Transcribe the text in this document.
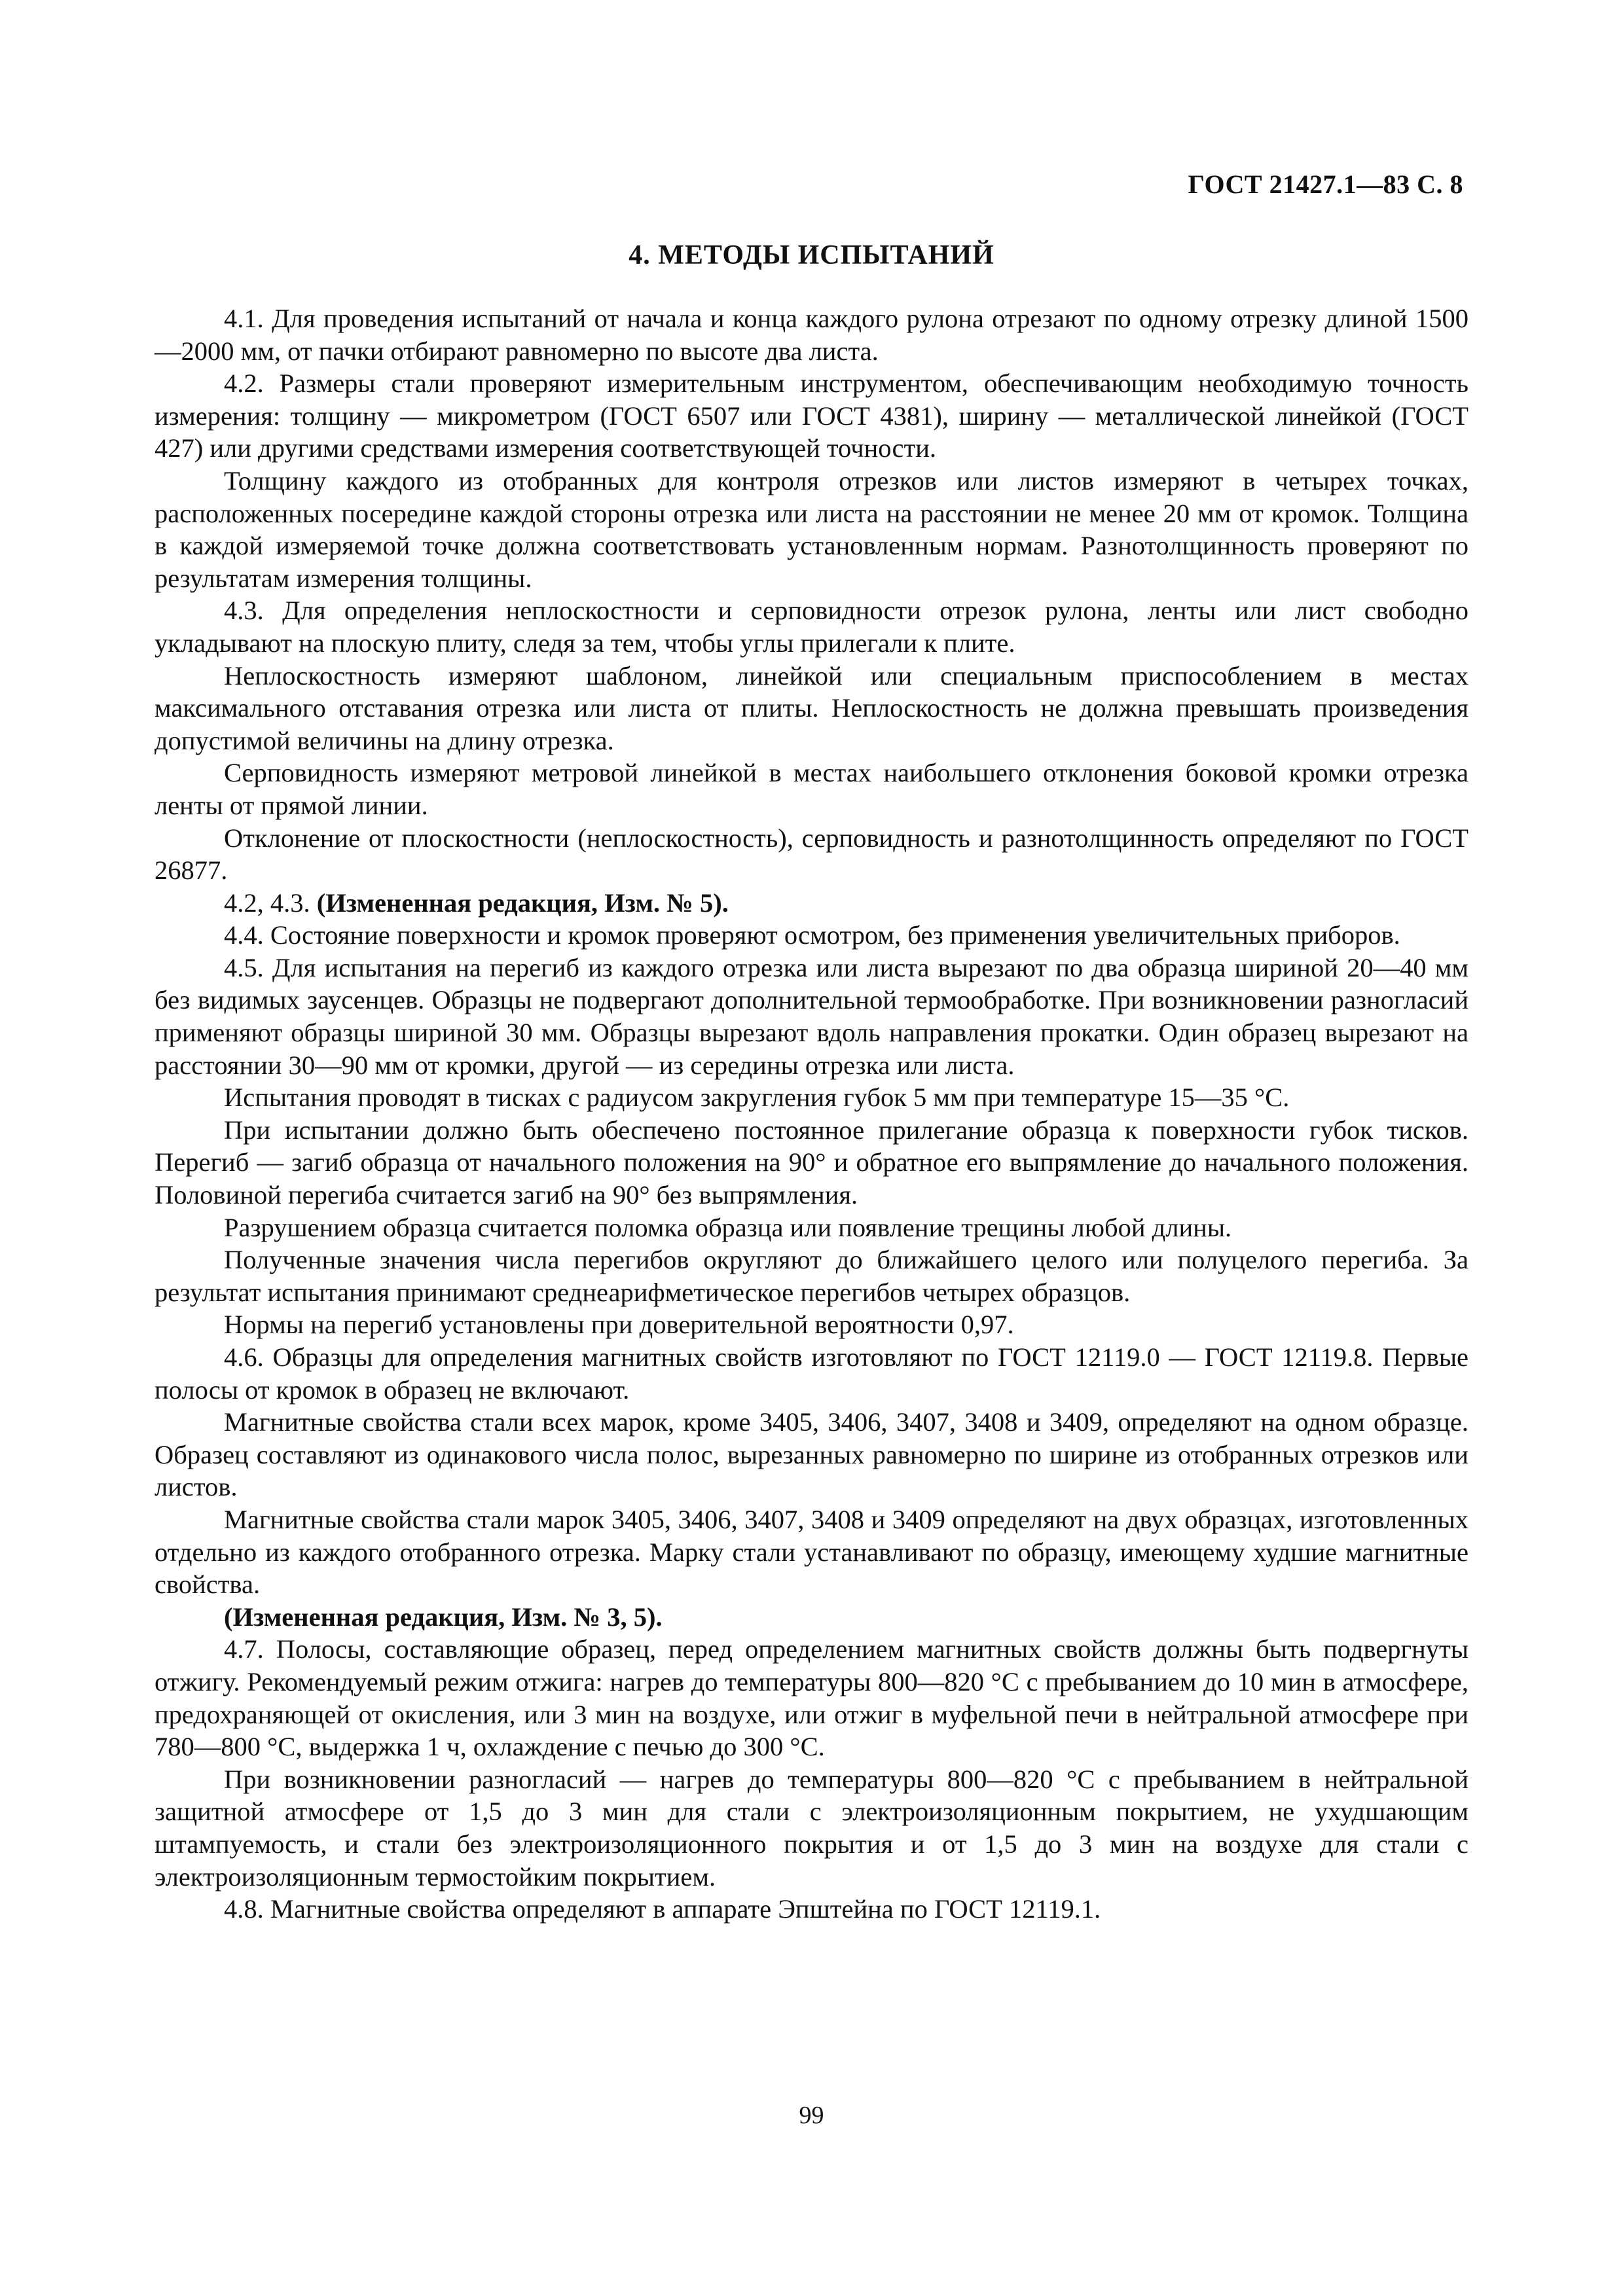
ГОСТ 21427.1—83 С. 8
4. МЕТОДЫ ИСПЫТАНИЙ

4.1. Для проведения испытаний от начала и конца каждого рулона отрезают по одному отрезку длиной 1500—2000 мм, от пачки отбирают равномерно по высоте два листа.

4.2. Размеры стали проверяют измерительным инструментом, обеспечивающим необходимую точность измерения: толщину — микрометром (ГОСТ 6507 или ГОСТ 4381), ширину — металлической линейкой (ГОСТ 427) или другими средствами измерения соответствующей точности.

Толщину каждого из отобранных для контроля отрезков или листов измеряют в четырех точках, расположенных посередине каждой стороны отрезка или листа на расстоянии не менее 20 мм от кромок. Толщина в каждой измеряемой точке должна соответствовать установленным нормам. Разнотолщинность проверяют по результатам измерения толщины.

4.3. Для определения неплоскостности и серповидности отрезок рулона, ленты или лист свободно укладывают на плоскую плиту, следя за тем, чтобы углы прилегали к плите.

Неплоскостность измеряют шаблоном, линейкой или специальным приспособлением в местах максимального отставания отрезка или листа от плиты. Неплоскостность не должна превышать произведения допустимой величины на длину отрезка.

Серповидность измеряют метровой линейкой в местах наибольшего отклонения боковой кромки отрезка ленты от прямой линии.

Отклонение от плоскостности (неплоскостность), серповидность и разнотолщинность определяют по ГОСТ 26877.

4.2, 4.3. (Измененная редакция, Изм. № 5).

4.4. Состояние поверхности и кромок проверяют осмотром, без применения увеличительных приборов.

4.5. Для испытания на перегиб из каждого отрезка или листа вырезают по два образца шириной 20—40 мм без видимых заусенцев. Образцы не подвергают дополнительной термообработке. При возникновении разногласий применяют образцы шириной 30 мм. Образцы вырезают вдоль направления прокатки. Один образец вырезают на расстоянии 30—90 мм от кромки, другой — из середины отрезка или листа.

Испытания проводят в тисках с радиусом закругления губок 5 мм при температуре 15—35 °С.

При испытании должно быть обеспечено постоянное прилегание образца к поверхности губок тисков. Перегиб — загиб образца от начального положения на 90° и обратное его выпрямление до начального положения. Половиной перегиба считается загиб на 90° без выпрямления.

Разрушением образца считается поломка образца или появление трещины любой длины.

Полученные значения числа перегибов округляют до ближайшего целого или полуцелого перегиба. За результат испытания принимают среднеарифметическое перегибов четырех образцов.

Нормы на перегиб установлены при доверительной вероятности 0,97.

4.6. Образцы для определения магнитных свойств изготовляют по ГОСТ 12119.0 — ГОСТ 12119.8. Первые полосы от кромок в образец не включают.

Магнитные свойства стали всех марок, кроме 3405, 3406, 3407, 3408 и 3409, определяют на одном образце. Образец составляют из одинакового числа полос, вырезанных равномерно по ширине из отобранных отрезков или листов.

Магнитные свойства стали марок 3405, 3406, 3407, 3408 и 3409 определяют на двух образцах, изготовленных отдельно из каждого отобранного отрезка. Марку стали устанавливают по образцу, имеющему худшие магнитные свойства.

(Измененная редакция, Изм. № 3, 5).

4.7. Полосы, составляющие образец, перед определением магнитных свойств должны быть подвергнуты отжигу. Рекомендуемый режим отжига: нагрев до температуры 800—820 °С с пребыванием до 10 мин в атмосфере, предохраняющей от окисления, или 3 мин на воздухе, или отжиг в муфельной печи в нейтральной атмосфере при 780—800 °С, выдержка 1 ч, охлаждение с печью до 300 °С.

При возникновении разногласий — нагрев до температуры 800—820 °С с пребыванием в нейтральной защитной атмосфере от 1,5 до 3 мин для стали с электроизоляционным покрытием, не ухудшающим штампуемость, и стали без электроизоляционного покрытия и от 1,5 до 3 мин на воздухе для стали с электроизоляционным термостойким покрытием.

4.8. Магнитные свойства определяют в аппарате Эпштейна по ГОСТ 12119.1.

99
